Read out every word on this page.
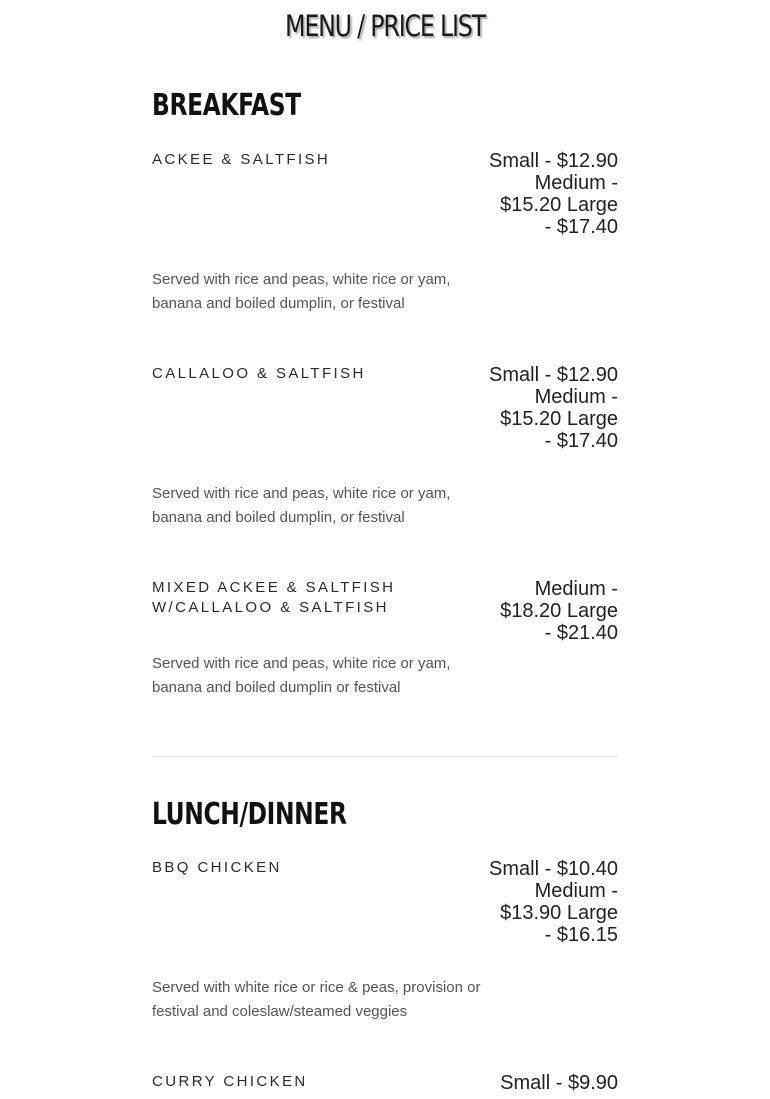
MENU / PRICE LIST
BREAKFAST
ACKEE & SALTFISH	Small - $12.90 Medium - $15.20 Large - $17.40
Served with rice and peas, white rice or yam, banana and boiled dumplin, or festival
CALLALOO & SALTFISH	Small - $12.90 Medium - $15.20 Large - $17.40
Served with rice and peas, white rice or yam, banana and boiled dumplin, or festival
MIXED ACKEE & SALTFISH W/CALLALOO & SALTFISH
Medium - $18.20 Large - $21.40
Served with rice and peas, white rice or yam, banana and boiled dumplin or festival
LUNCH/DINNER
BBQ CHICKEN	Small - $10.40 Medium - $13.90 Large - $16.15
Served with white rice or rice & peas, provision or festival and coleslaw/steamed veggies
CURRY CHICKEN	Small - $9.90
